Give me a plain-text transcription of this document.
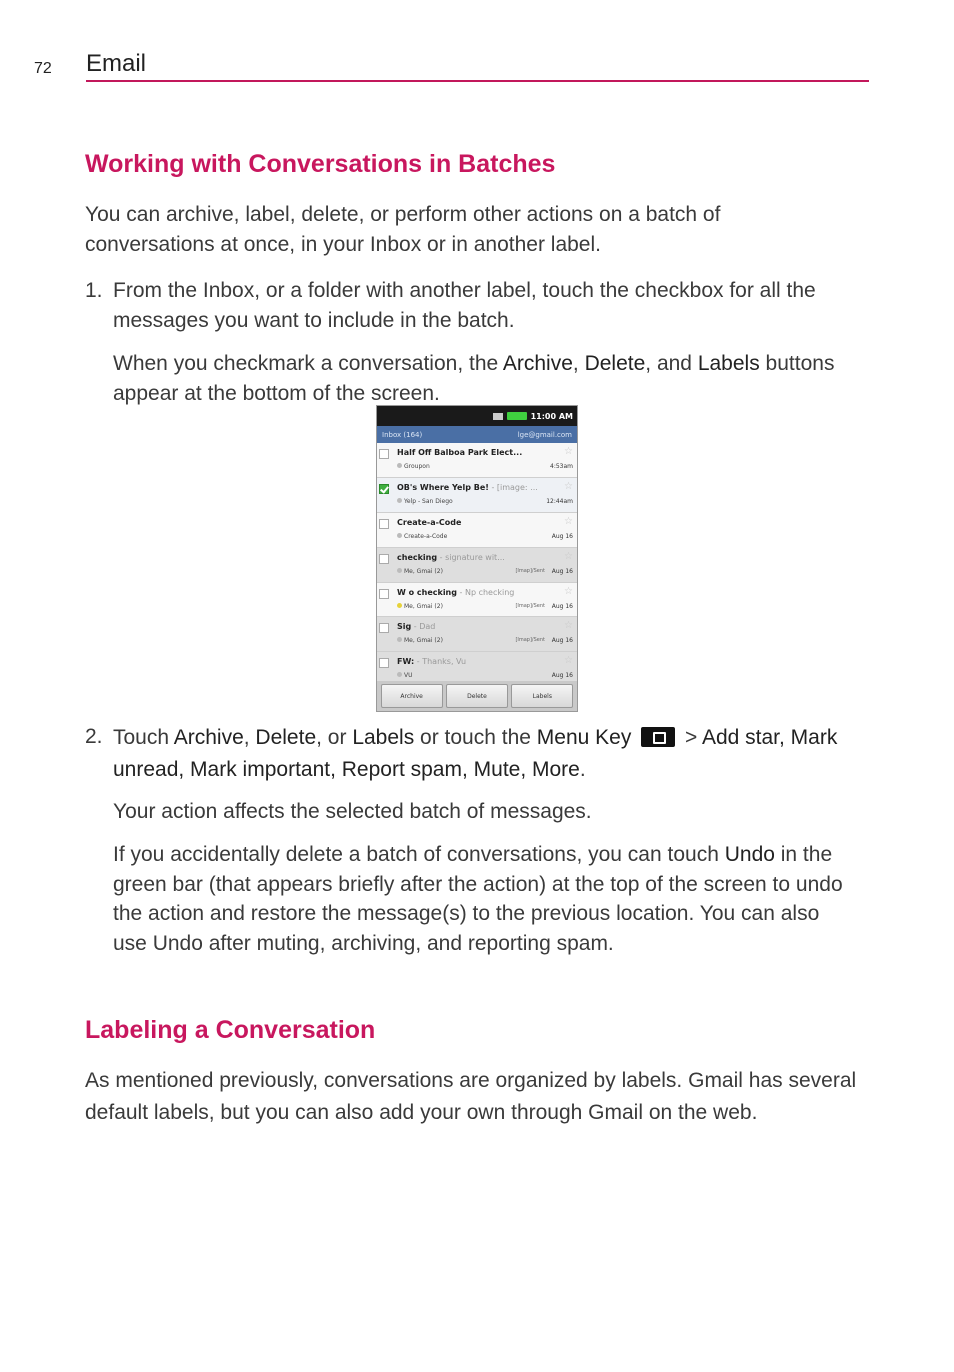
72 Email
Working with Conversations in Batches

You can archive, label, delete, or perform other actions on a batch of conversations at once, in your Inbox or in another label.

1. From the Inbox, or a folder with another label, touch the checkbox for all the messages you want to include in the batch.

When you checkmark a conversation, the Archive, Delete, and Labels buttons appear at the bottom of the screen.

11:00 AM
Inbox (164)	lge@gmail.com
Half Off Balboa Park Elect...	☆
Groupon	4:53am
OB's Where Yelp Be! - [image: ...	☆
Yelp - San Diego	12:44am
Create-a-Code	☆
Create-a-Code	Aug 16
checking - signature wit...	☆
Me, Gmai (2)	[Imap]/Sent Aug 16
W o checking - Np checking	☆
Me, Gmai (2)	[Imap]/Sent Aug 16
Sig - Dad	☆
Me, Gmai (2)	[Imap]/Sent Aug 16
FW: - Thanks, Vu	☆
VU	Aug 16
Archive	Delete	Labels
2. Touch Archive, Delete, or Labels or touch the Menu Key  > Add star, Mark unread, Mark important, Report spam, Mute, More.

Your action affects the selected batch of messages.

If you accidentally delete a batch of conversations, you can touch Undo in the green bar (that appears briefly after the action) at the top of the screen to undo the action and restore the message(s) to the previous location. You can also use Undo after muting, archiving, and reporting spam.

Labeling a Conversation

As mentioned previously, conversations are organized by labels. Gmail has several default labels, but you can also add your own through Gmail on the web.
